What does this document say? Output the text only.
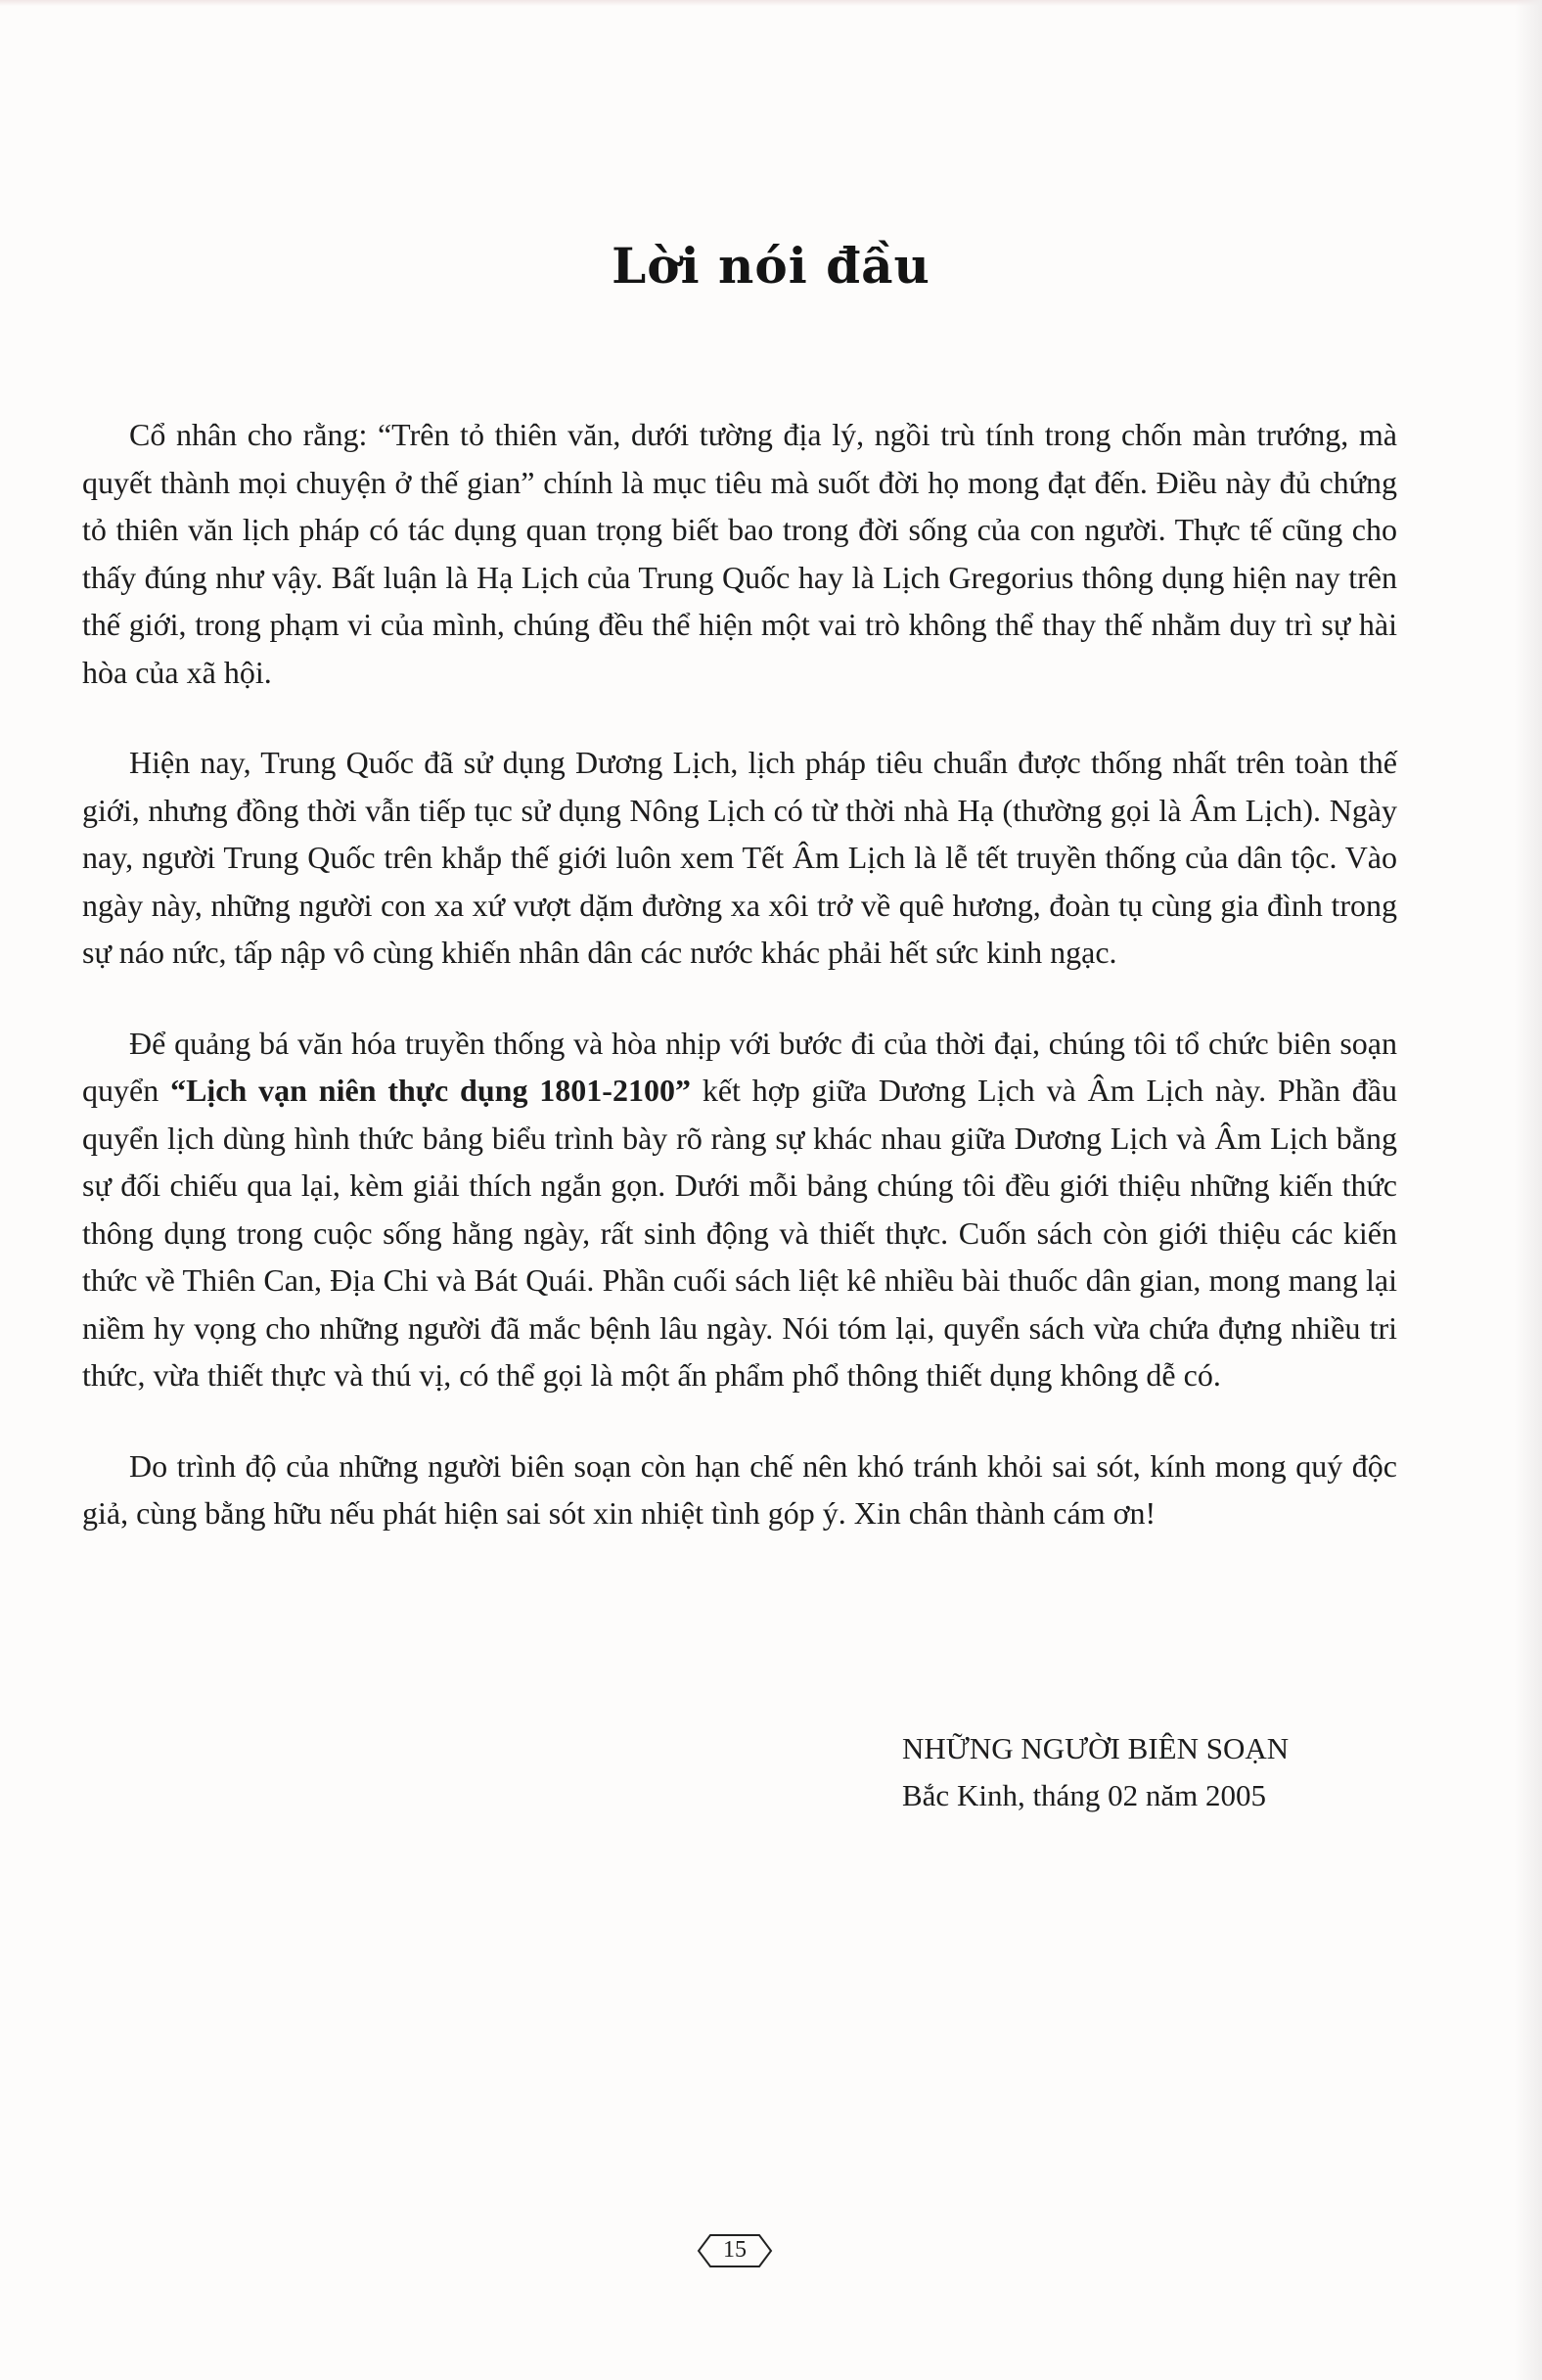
Lời nói đầu

Cổ nhân cho rằng: “Trên tỏ thiên văn, dưới tường địa lý, ngồi trù tính trong chốn màn trướng, mà quyết thành mọi chuyện ở thế gian” chính là mục tiêu mà suốt đời họ mong đạt đến. Điều này đủ chứng tỏ thiên văn lịch pháp có tác dụng quan trọng biết bao trong đời sống của con người. Thực tế cũng cho thấy đúng như vậy. Bất luận là Hạ Lịch của Trung Quốc hay là Lịch Gregorius thông dụng hiện nay trên thế giới, trong phạm vi của mình, chúng đều thể hiện một vai trò không thể thay thế nhằm duy trì sự hài hòa của xã hội.

Hiện nay, Trung Quốc đã sử dụng Dương Lịch, lịch pháp tiêu chuẩn được thống nhất trên toàn thế giới, nhưng đồng thời vẫn tiếp tục sử dụng Nông Lịch có từ thời nhà Hạ (thường gọi là Âm Lịch). Ngày nay, người Trung Quốc trên khắp thế giới luôn xem Tết Âm Lịch là lễ tết truyền thống của dân tộc. Vào ngày này, những người con xa xứ vượt dặm đường xa xôi trở về quê hương, đoàn tụ cùng gia đình trong sự náo nức, tấp nập vô cùng khiến nhân dân các nước khác phải hết sức kinh ngạc.

Để quảng bá văn hóa truyền thống và hòa nhịp với bước đi của thời đại, chúng tôi tổ chức biên soạn quyển “Lịch vạn niên thực dụng 1801-2100” kết hợp giữa Dương Lịch và Âm Lịch này. Phần đầu quyển lịch dùng hình thức bảng biểu trình bày rõ ràng sự khác nhau giữa Dương Lịch và Âm Lịch bằng sự đối chiếu qua lại, kèm giải thích ngắn gọn. Dưới mỗi bảng chúng tôi đều giới thiệu những kiến thức thông dụng trong cuộc sống hằng ngày, rất sinh động và thiết thực. Cuốn sách còn giới thiệu các kiến thức về Thiên Can, Địa Chi và Bát Quái. Phần cuối sách liệt kê nhiều bài thuốc dân gian, mong mang lại niềm hy vọng cho những người đã mắc bệnh lâu ngày. Nói tóm lại, quyển sách vừa chứa đựng nhiều tri thức, vừa thiết thực và thú vị, có thể gọi là một ấn phẩm phổ thông thiết dụng không dễ có.

Do trình độ của những người biên soạn còn hạn chế nên khó tránh khỏi sai sót, kính mong quý độc giả, cùng bằng hữu nếu phát hiện sai sót xin nhiệt tình góp ý. Xin chân thành cám ơn!

NHỮNG NGƯỜI BIÊN SOẠN
Bắc Kinh, tháng 02 năm 2005
15
